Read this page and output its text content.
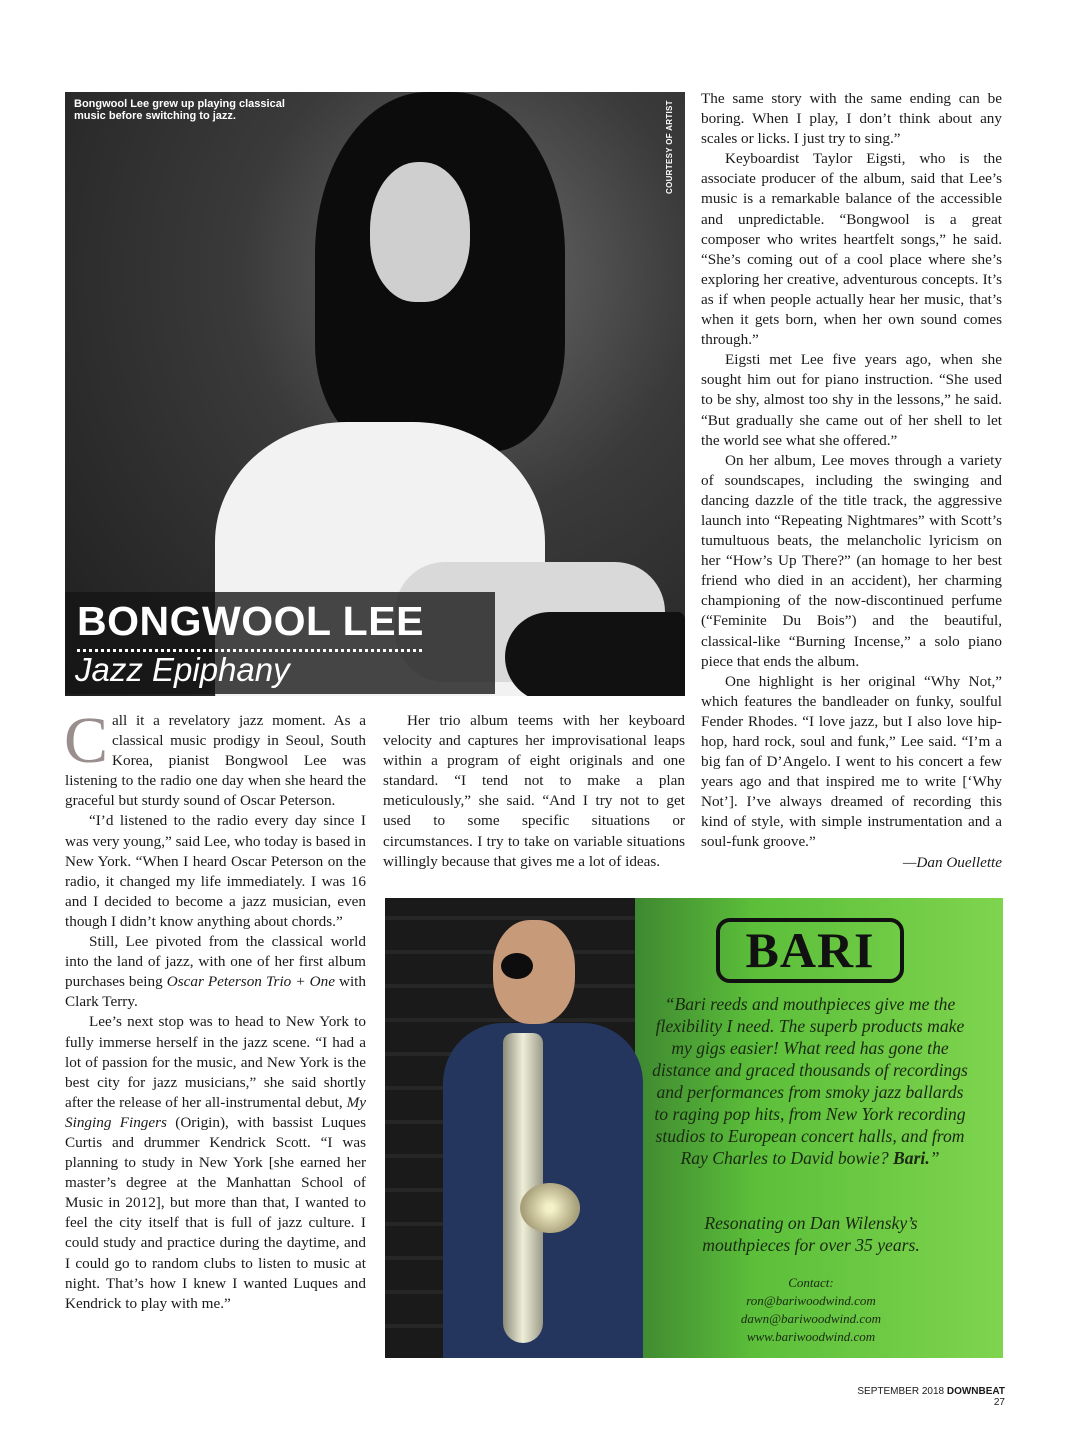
Bongwool Lee grew up playing classical music before switching to jazz.	COURTESY OF ARTIST
BONGWOOL LEE
Jazz Epiphany

Call it a revelatory jazz moment. As a classical music prodigy in Seoul, South Korea, pianist Bongwool Lee was listening to the radio one day when she heard the graceful but sturdy sound of Oscar Peterson.

“I’d listened to the radio every day since I was very young,” said Lee, who today is based in New York. “When I heard Oscar Peterson on the radio, it changed my life immediately. I was 16 and I decided to become a jazz musician, even though I didn’t know anything about chords.”

Still, Lee pivoted from the classical world into the land of jazz, with one of her first album purchases being Oscar Peterson Trio + One with Clark Terry.

Lee’s next stop was to head to New York to fully immerse herself in the jazz scene. “I had a lot of passion for the music, and New York is the best city for jazz musicians,” she said shortly after the release of her all-instrumental debut, My Singing Fingers (Origin), with bassist Luques Curtis and drummer Kendrick Scott. “I was planning to study in New York [she earned her master’s degree at the Manhattan School of Music in 2012], but more than that, I wanted to feel the city itself that is full of jazz culture. I could study and practice during the daytime, and I could go to random clubs to listen to music at night. That’s how I knew I wanted Luques and Kendrick to play with me.”

Her trio album teems with her keyboard velocity and captures her improvisational leaps within a program of eight originals and one standard. “I tend not to make a plan meticulously,” she said. “And I try not to get used to some specific situations or circumstances. I try to take on variable situations willingly because that gives me a lot of ideas.

The same story with the same ending can be boring. When I play, I don’t think about any scales or licks. I just try to sing.”

Keyboardist Taylor Eigsti, who is the associate producer of the album, said that Lee’s music is a remarkable balance of the accessible and unpredictable. “Bongwool is a great composer who writes heartfelt songs,” he said. “She’s coming out of a cool place where she’s exploring her creative, adventurous concepts. It’s as if when people actually hear her music, that’s when it gets born, when her own sound comes through.”

Eigsti met Lee five years ago, when she sought him out for piano instruction. “She used to be shy, almost too shy in the lessons,” he said. “But gradually she came out of her shell to let the world see what she offered.”

On her album, Lee moves through a variety of soundscapes, including the swinging and dancing dazzle of the title track, the aggressive launch into “Repeating Nightmares” with Scott’s tumultuous beats, the melancholic lyricism on her “How’s Up There?” (an homage to her best friend who died in an accident), her charming championing of the now-discontinued perfume (“Feminite Du Bois”) and the beautiful, classical-like “Burning Incense,” a solo piano piece that ends the album.

One highlight is her original “Why Not,” which features the bandleader on funky, soulful Fender Rhodes. “I love jazz, but I also love hip-hop, hard rock, soul and funk,” Lee said. “I’m a big fan of D’Angelo. I went to his concert a few years ago and that inspired me to write [‘Why Not’]. I’ve always dreamed of recording this kind of style, with simple instrumentation and a soul-funk groove.”

—Dan Ouellette

BARI
“Bari reeds and mouthpieces give me the flexibility I need. The superb products make my gigs easier! What reed has gone the distance and graced thousands of recordings and performances from smoky jazz ballards to raging pop hits, from New York recording studios to European concert halls, and from Ray Charles to David bowie? Bari.”
Resonating on Dan Wilensky’s mouthpieces for over 35 years.
Contact:
ron@bariwoodwind.com
dawn@bariwoodwind.com
www.bariwoodwind.com
SEPTEMBER 2018 DOWNBEAT 27
